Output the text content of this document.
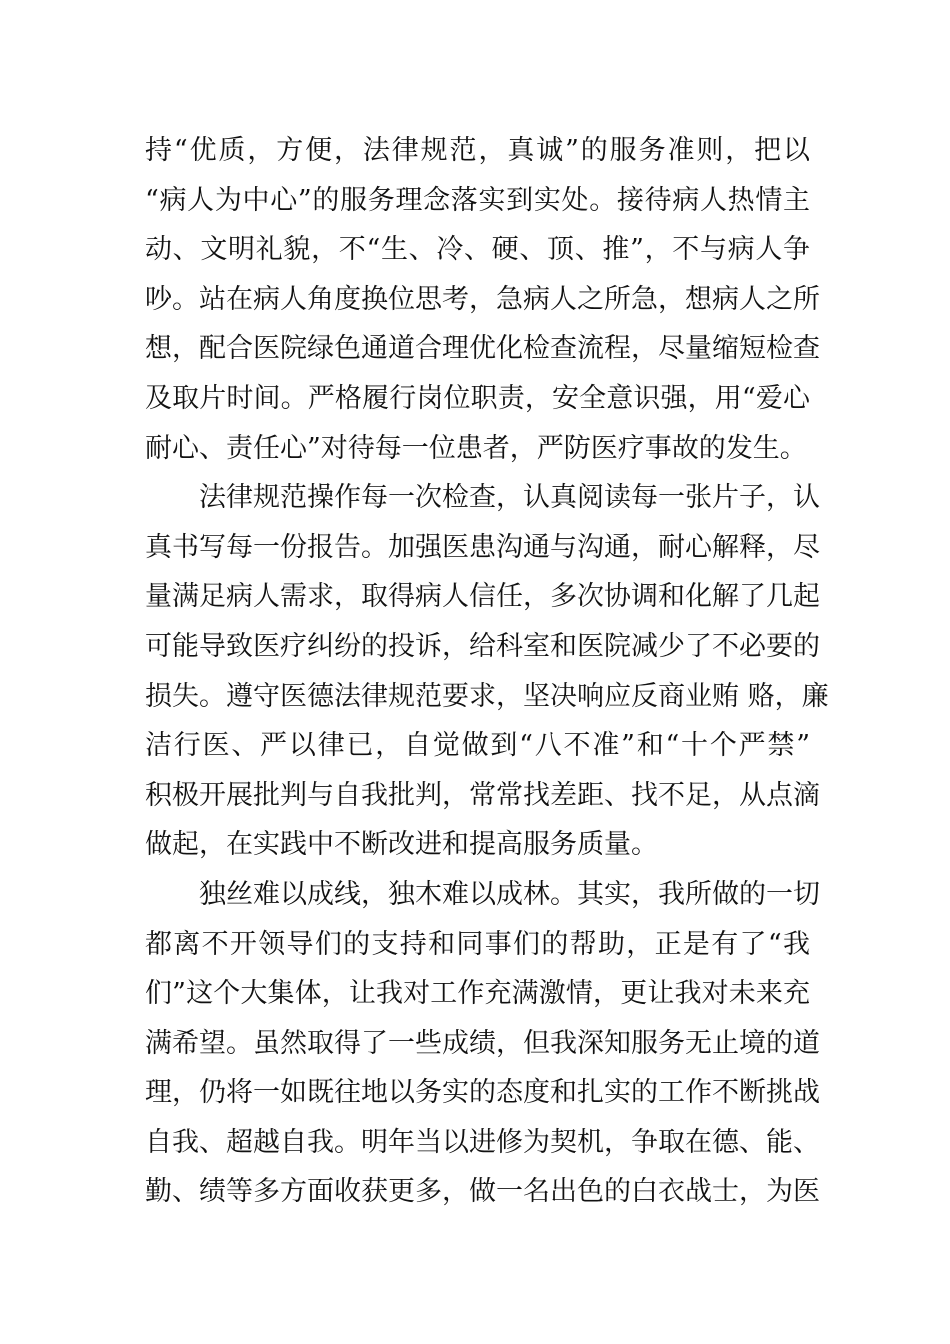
持“优质，方便，法律规范，真诚”的服务准则，把以
“病人为中心”的服务理念落实到实处。接待病人热情主
动、文明礼貌，不“生、冷、硬、顶、推”，不与病人争
吵。站在病人角度换位思考，急病人之所急，想病人之所
想，配合医院绿色通道合理优化检查流程，尽量缩短检查
及取片时间。严格履行岗位职责，安全意识强，用“爱心
耐心、责任心”对待每一位患者，严防医疗事故的发生。
法律规范操作每一次检查，认真阅读每一张片子，认
真书写每一份报告。加强医患沟通与沟通，耐心解释，尽
量满足病人需求，取得病人信任，多次协调和化解了几起
可能导致医疗纠纷的投诉，给科室和医院减少了不必要的
损失。遵守医德法律规范要求，坚决响应反商业贿 赂，廉
洁行医、严以律已，自觉做到“八不准”和“十个严禁”
积极开展批判与自我批判，常常找差距、找不足，从点滴
做起，在实践中不断改进和提高服务质量。
独丝难以成线，独木难以成林。其实，我所做的一切
都离不开领导们的支持和同事们的帮助，正是有了“我
们”这个大集体，让我对工作充满激情，更让我对未来充
满希望。虽然取得了一些成绩，但我深知服务无止境的道
理，仍将一如既往地以务实的态度和扎实的工作不断挑战
自我、超越自我。明年当以进修为契机，争取在德、能、
勤、绩等多方面收获更多，做一名出色的白衣战士，为医
